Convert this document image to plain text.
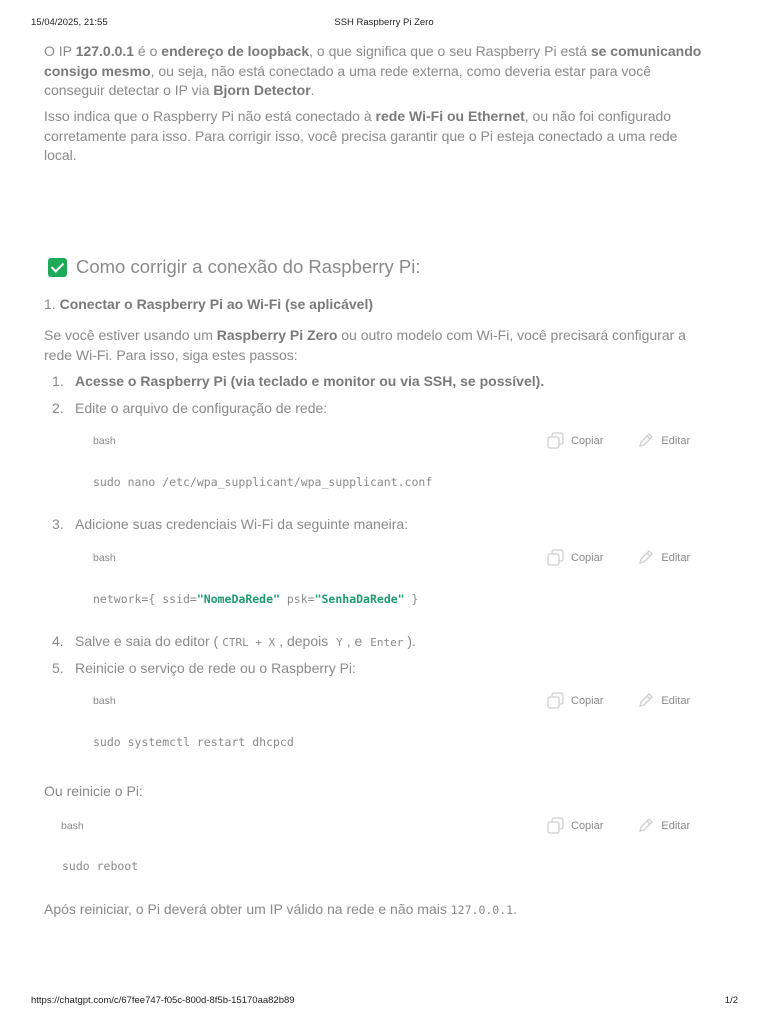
15/04/2025, 21:55	SSH Raspberry Pi Zero
https://chatgpt.com/c/67fee747-f05c-800d-8f5b-15170aa82b89	1/2
O IP 127.0.0.1 é o endereço de loopback, o que significa que o seu Raspberry Pi está se comunicando consigo mesmo, ou seja, não está conectado a uma rede externa, como deveria estar para você conseguir detectar o IP via Bjorn Detector.
Isso indica que o Raspberry Pi não está conectado à rede Wi-Fi ou Ethernet, ou não foi configurado corretamente para isso. Para corrigir isso, você precisa garantir que o Pi esteja conectado a uma rede local.
Como corrigir a conexão do Raspberry Pi:
1. Conectar o Raspberry Pi ao Wi-Fi (se aplicável)
Se você estiver usando um Raspberry Pi Zero ou outro modelo com Wi-Fi, você precisará configurar a rede Wi-Fi. Para isso, siga estes passos:
1. Acesse o Raspberry Pi (via teclado e monitor ou via SSH, se possível).
2. Edite o arquivo de configuração de rede:
bash	Copiar	Editar
sudo nano /etc/wpa_supplicant/wpa_supplicant.conf
3. Adicione suas credenciais Wi-Fi da seguinte maneira:
bash	Copiar	Editar
network={ ssid="NomeDaRede" psk="SenhaDaRede" }
4. Salve e saia do editor ( CTRL + X , depois Y , e Enter ).
5. Reinicie o serviço de rede ou o Raspberry Pi:
bash	Copiar	Editar
sudo systemctl restart dhcpcd
Ou reinicie o Pi:
bash	Copiar	Editar
sudo reboot
Após reiniciar, o Pi deverá obter um IP válido na rede e não mais 127.0.0.1.
